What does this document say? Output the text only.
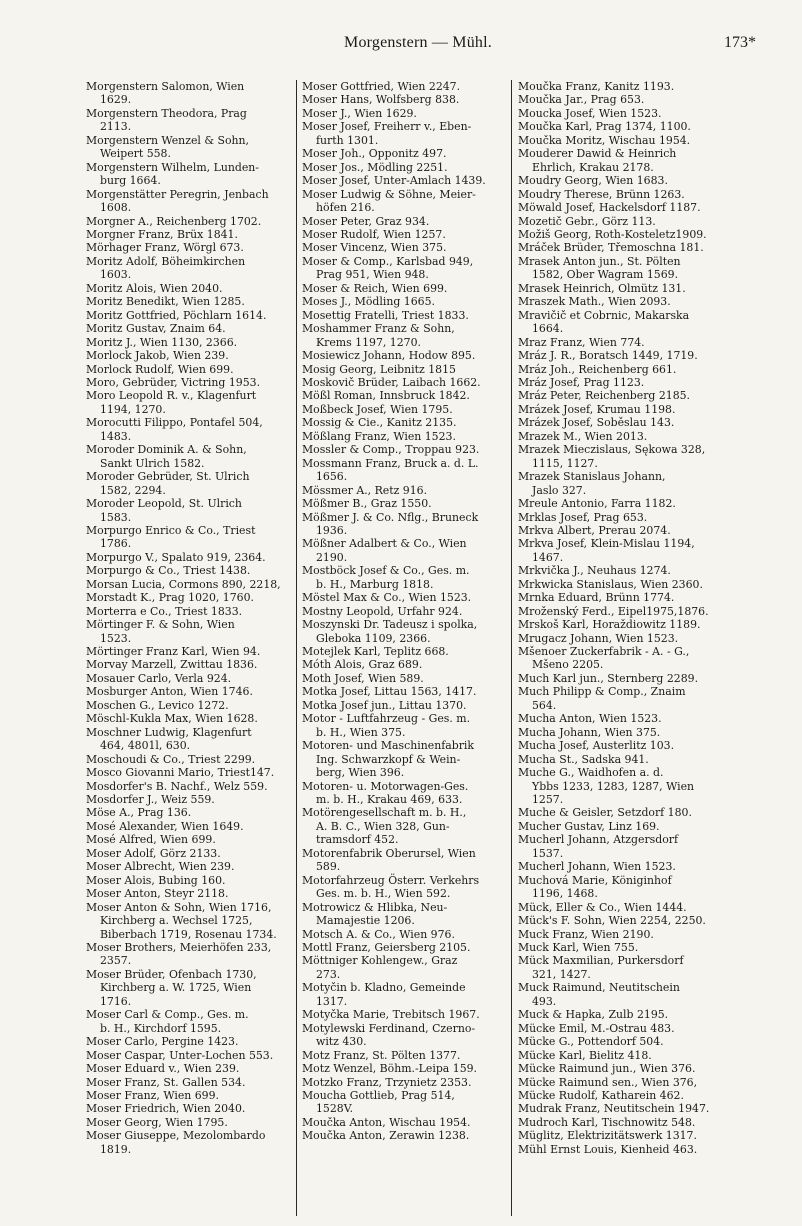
Morgenstern — Mühl.	173*
Morgenstern Salomon, Wien
1629.
Morgenstern Theodora, Prag
2113.
Morgenstern Wenzel & Sohn,
Weipert 558.
Morgenstern Wilhelm, Lunden-
burg 1664.
Morgenstätter Peregrin, Jenbach
1608.
Morgner A., Reichenberg 1702.
Morgner Franz, Brüx 1841.
Mörhager Franz, Wörgl 673.
Moritz Adolf, Böheimkirchen
1603.
Moritz Alois, Wien 2040.
Moritz Benedikt, Wien 1285.
Moritz Gottfried, Pöchlarn 1614.
Moritz Gustav, Znaim 64.
Moritz J., Wien 1130, 2366.
Morlock Jakob, Wien 239.
Morlock Rudolf, Wien 699.
Moro, Gebrüder, Victring 1953.
Moro Leopold R. v., Klagenfurt
1194, 1270.
Morocutti Filippo, Pontafel 504,
1483.
Moroder Dominik A. & Sohn,
Sankt Ulrich 1582.
Moroder Gebrüder, St. Ulrich
1582, 2294.
Moroder Leopold, St. Ulrich
1583.
Morpurgo Enrico & Co., Triest
1786.
Morpurgo V., Spalato 919, 2364.
Morpurgo & Co., Triest 1438.
Morsan Lucia, Cormons 890, 2218,
Morstadt K., Prag 1020, 1760.
Morterra e Co., Triest 1833.
Mörtinger F. & Sohn, Wien
1523.
Mörtinger Franz Karl, Wien 94.
Morvay Marzell, Zwittau 1836.
Mosauer Carlo, Verla 924.
Mosburger Anton, Wien 1746.
Moschen G., Levico 1272.
Möschl-Kukla Max, Wien 1628.
Moschner Ludwig, Klagenfurt
464, 4801l, 630.
Moschoudi & Co., Triest 2299.
Mosco Giovanni Mario, Triest147.
Mosdorfer's B. Nachf., Welz 559.
Mosdorfer J., Weiz 559.
Möse A., Prag 136.
Mosé Alexander, Wien 1649.
Mosé Alfred, Wien 699.
Moser Adolf, Görz 2133.
Moser Albrecht, Wien 239.
Moser Alois, Bubing 160.
Moser Anton, Steyr 2118.
Moser Anton & Sohn, Wien 1716,
Kirchberg a. Wechsel 1725,
Biberbach 1719, Rosenau 1734.
Moser Brothers, Meierhöfen 233,
2357.
Moser Brüder, Ofenbach 1730,
Kirchberg a. W. 1725, Wien
1716.
Moser Carl & Comp., Ges. m.
b. H., Kirchdorf 1595.
Moser Carlo, Pergine 1423.
Moser Caspar, Unter-Lochen 553.
Moser Eduard v., Wien 239.
Moser Franz, St. Gallen 534.
Moser Franz, Wien 699.
Moser Friedrich, Wien 2040.
Moser Georg, Wien 1795.
Moser Giuseppe, Mezolombardo
1819.
Moser Gottfried, Wien 2247.
Moser Hans, Wolfsberg 838.
Moser J., Wien 1629.
Moser Josef, Freiherr v., Eben-
furth 1301.
Moser Joh., Opponitz 497.
Moser Jos., Mödling 2251.
Moser Josef, Unter-Amlach 1439.
Moser Ludwig & Söhne, Meier-
höfen 216.
Moser Peter, Graz 934.
Moser Rudolf, Wien 1257.
Moser Vincenz, Wien 375.
Moser & Comp., Karlsbad 949,
Prag 951, Wien 948.
Moser & Reich, Wien 699.
Moses J., Mödling 1665.
Mosettig Fratelli, Triest 1833.
Moshammer Franz & Sohn,
Krems 1197, 1270.
Mosiewicz Johann, Hodow 895.
Mosig Georg, Leibnitz 1815
Moskovič Brüder, Laibach 1662.
Mößl Roman, Innsbruck 1842.
Moßbeck Josef, Wien 1795.
Mossig & Cie., Kanitz 2135.
Mößlang Franz, Wien 1523.
Mossler & Comp., Troppau 923.
Mossmann Franz, Bruck a. d. L.
1656.
Mössmer A., Retz 916.
Mößmer B., Graz 1550.
Mößmer J. & Co. Nflg., Bruneck
1936.
Mößner Adalbert & Co., Wien
2190.
Mostböck Josef & Co., Ges. m.
b. H., Marburg 1818.
Möstel Max & Co., Wien 1523.
Mostny Leopold, Urfahr 924.
Moszynski Dr. Tadeusz i spolka,
Gleboka 1109, 2366.
Motejlek Karl, Teplitz 668.
Móth Alois, Graz 689.
Moth Josef, Wien 589.
Motka Josef, Littau 1563, 1417.
Motka Josef jun., Littau 1370.
Motor - Luftfahrzeug - Ges. m.
b. H., Wien 375.
Motoren- und Maschinenfabrik
Ing. Schwarzkopf & Wein-
berg, Wien 396.
Motoren- u. Motorwagen-Ges.
m. b. H., Krakau 469, 633.
Motörengesellschaft m. b. H.,
A. B. C., Wien 328, Gun-
tramsdorf 452.
Motorenfabrik Oberursel, Wien
589.
Motorfahrzeug Österr. Verkehrs
Ges. m. b. H., Wien 592.
Motrowicz & Hlibka, Neu-
Mamajestie 1206.
Motsch A. & Co., Wien 976.
Mottl Franz, Geiersberg 2105.
Möttniger Kohlengew., Graz
273.
Motyčin b. Kladno, Gemeinde
1317.
Motyčka Marie, Trebitsch 1967.
Motylewski Ferdinand, Czerno-
witz 430.
Motz Franz, St. Pölten 1377.
Motz Wenzel, Böhm.-Leipa 159.
Motzko Franz, Trzynietz 2353.
Moucha Gottlieb, Prag 514,
1528V.
Moučka Anton, Wischau 1954.
Moučka Anton, Zerawin 1238.
Moučka Franz, Kanitz 1193.
Moučka Jar., Prag 653.
Moucka Josef, Wien 1523.
Moučka Karl, Prag 1374, 1100.
Moučka Moritz, Wischau 1954.
Mouderer Dawid & Heinrich
Ehrlich, Krakau 2178.
Moudry Georg, Wien 1683.
Moudry Therese, Brünn 1263.
Möwald Josef, Hackelsdorf 1187.
Mozetič Gebr., Görz 113.
Možiš Georg, Roth-Kosteletz1909.
Mráček Brüder, Třemoschna 181.
Mrasek Anton jun., St. Pölten
1582, Ober Wagram 1569.
Mrasek Heinrich, Olmütz 131.
Mraszek Math., Wien 2093.
Mravičič et Cobrnic, Makarska
1664.
Mraz Franz, Wien 774.
Mráz J. R., Boratsch 1449, 1719.
Mráz Joh., Reichenberg 661.
Mráz Josef, Prag 1123.
Mráz Peter, Reichenberg 2185.
Mrázek Josef, Krumau 1198.
Mrázek Josef, Soběslau 143.
Mrazek M., Wien 2013.
Mrazek Mieczislaus, Sękowa 328,
1115, 1127.
Mrazek Stanislaus Johann,
Jaslo 327.
Mreule Antonio, Farra 1182.
Mrklas Josef, Prag 653.
Mrkva Albert, Prerau 2074.
Mrkva Josef, Klein-Mislau 1194,
1467.
Mrkvička J., Neuhaus 1274.
Mrkwicka Stanislaus, Wien 2360.
Mrnka Eduard, Brünn 1774.
Mroženský Ferd., Eipel1975,1876.
Mrskoš Karl, Horaždiowitz 1189.
Mrugacz Johann, Wien 1523.
Mšenoer Zuckerfabrik - A. - G.,
Mšeno 2205.
Much Karl jun., Sternberg 2289.
Much Philipp & Comp., Znaim
564.
Mucha Anton, Wien 1523.
Mucha Johann, Wien 375.
Mucha Josef, Austerlitz 103.
Mucha St., Sadska 941.
Muche G., Waidhofen a. d.
Ybbs 1233, 1283, 1287, Wien
1257.
Muche & Geisler, Setzdorf 180.
Mucher Gustav, Linz 169.
Mucherl Johann, Atzgersdorf
1537.
Mucherl Johann, Wien 1523.
Muchová Marie, Königinhof
1196, 1468.
Mück, Eller & Co., Wien 1444.
Mück's F. Sohn, Wien 2254, 2250.
Muck Franz, Wien 2190.
Muck Karl, Wien 755.
Mück Maxmilian, Purkersdorf
321, 1427.
Muck Raimund, Neutitschein
493.
Muck & Hapka, Zulb 2195.
Mücke Emil, M.-Ostrau 483.
Mücke G., Pottendorf 504.
Mücke Karl, Bielitz 418.
Mücke Raimund jun., Wien 376.
Mücke Raimund sen., Wien 376,
Mücke Rudolf, Katharein 462.
Mudrak Franz, Neutitschein 1947.
Mudroch Karl, Tischnowitz 548.
Müglitz, Elektrizitätswerk 1317.
Mühl Ernst Louis, Kienheid 463.
